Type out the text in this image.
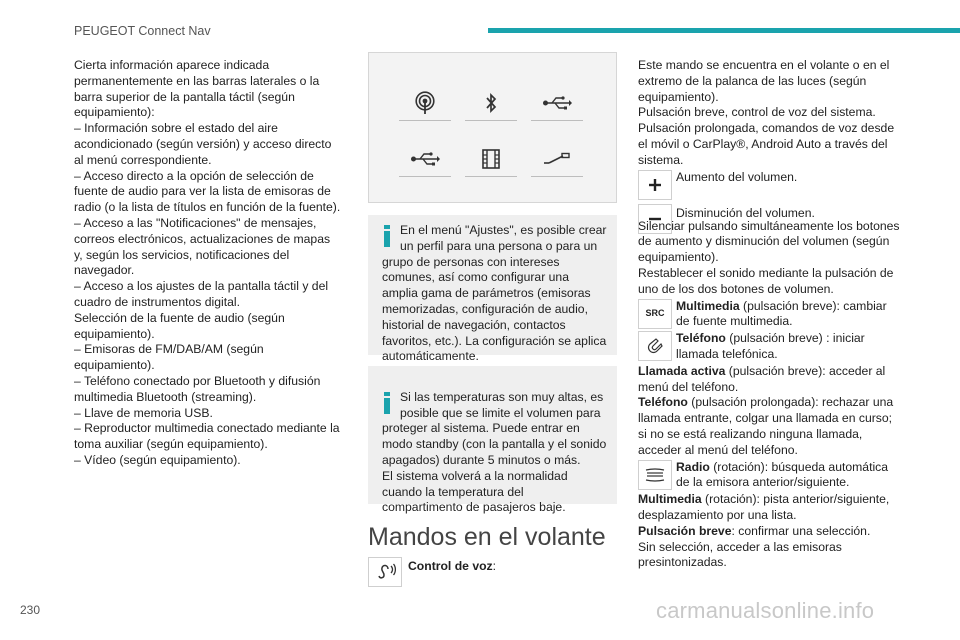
PEUGEOT Connect Nav

Cierta información aparece indicada permanentemente en las barras laterales o la barra superior de la pantalla táctil (según equipamiento):

– Información sobre el estado del aire acondicionado (según versión) y acceso directo al menú correspondiente.

– Acceso directo a la opción de selección de fuente de audio para ver la lista de emisoras de radio (o la lista de títulos en función de la fuente).

– Acceso a las "Notificaciones" de mensajes, correos electrónicos, actualizaciones de mapas y, según los servicios, notificaciones del navegador.

– Acceso a los ajustes de la pantalla táctil y del cuadro de instrumentos digital.

Selección de la fuente de audio (según equipamiento).

– Emisoras de FM/DAB/AM (según equipamiento).

– Teléfono conectado por Bluetooth y difusión multimedia Bluetooth (streaming).

– Llave de memoria USB.

– Reproductor multimedia conectado mediante la toma auxiliar (según equipamiento).

– Vídeo (según equipamiento).

En el menú "Ajustes", es posible crear un perfil para una persona o para un grupo de personas con intereses comunes, así como configurar una amplia gama de parámetros (emisoras memorizadas, configuración de audio, historial de navegación, contactos favoritos, etc.). La configuración se aplica automáticamente.

Si las temperaturas son muy altas, es posible que se limite el volumen para proteger al sistema. Puede entrar en modo standby (con la pantalla y el sonido apagados) durante 5 minutos o más.
El sistema volverá a la normalidad cuando la temperatura del compartimento de pasajeros baje.

Mandos en el volante
Control de voz:

Este mando se encuentra en el volante o en el extremo de la palanca de las luces (según equipamiento).

Pulsación breve, control de voz del sistema.

Pulsación prolongada, comandos de voz desde el móvil o CarPlay®, Android Auto a través del sistema.

Aumento del volumen.
Disminución del volumen.

Silenciar pulsando simultáneamente los botones de aumento y disminución del volumen (según equipamiento).

Restablecer el sonido mediante la pulsación de uno de los dos botones de volumen.

SRC
Multimedia (pulsación breve): cambiar de fuente multimedia.
Teléfono (pulsación breve) : iniciar llamada telefónica.

Llamada activa (pulsación breve): acceder al menú del teléfono.

Teléfono (pulsación prolongada): rechazar una llamada entrante, colgar una llamada en curso; si no se está realizando ninguna llamada, acceder al menú del teléfono.

Radio (rotación): búsqueda automática de la emisora anterior/siguiente.

Multimedia (rotación): pista anterior/siguiente, desplazamiento por una lista.

Pulsación breve: confirmar una selección.

Sin selección, acceder a las emisoras presintonizadas.

230	carmanualsonline.info
